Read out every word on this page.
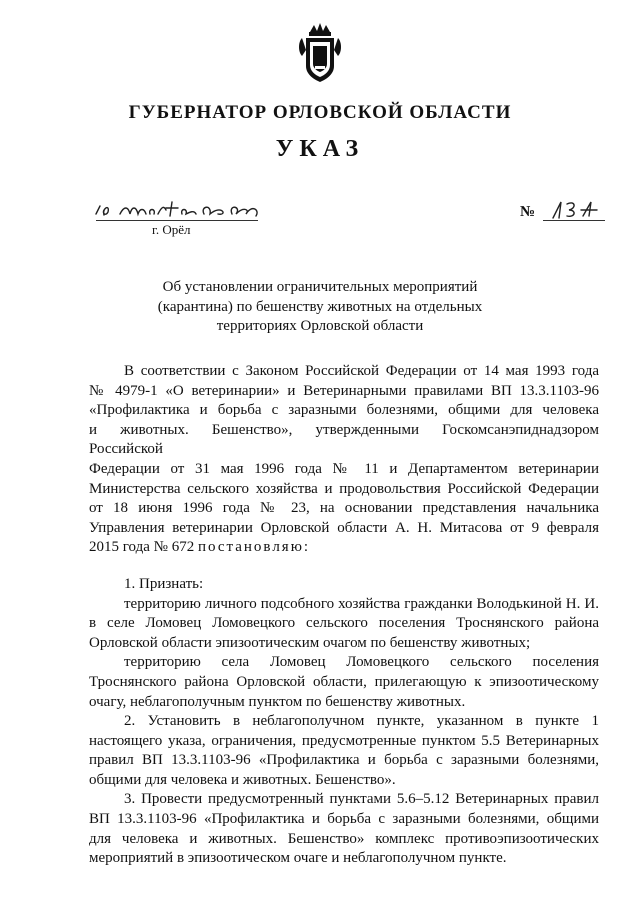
ГУБЕРНАТОР ОРЛОВСКОЙ ОБЛАСТИ
УКАЗ
г. Орёл
№
Об установлении ограничительных мероприятий
(карантина) по бешенству животных на отдельных
территориях Орловской области
В соответствии с Законом Российской Федерации от 14 мая 1993 года
№ 4979-1 «О ветеринарии» и Ветеринарными правилами ВП 13.3.1103-96
«Профилактика и борьба с заразными болезнями, общими для человека
и животных. Бешенство», утвержденными Госкомсанэпиднадзором Российской
Федерации от 31 мая 1996 года № 11 и Департаментом ветеринарии
Министерства сельского хозяйства и продовольствия Российской Федерации
от 18 июня 1996 года № 23, на основании представления начальника
Управления ветеринарии Орловской области А. Н. Митасова от 9 февраля
2015 года № 672 постановляю:
1. Признать:
территорию личного подсобного хозяйства гражданки Володькиной Н. И.
в селе Ломовец Ломовецкого сельского поселения Троснянского района
Орловской области эпизоотическим очагом по бешенству животных;
территорию села Ломовец Ломовецкого сельского поселения
Троснянского района Орловской области, прилегающую к эпизоотическому
очагу, неблагополучным пунктом по бешенству животных.
2. Установить в неблагополучном пункте, указанном в пункте 1
настоящего указа, ограничения, предусмотренные пунктом 5.5 Ветеринарных
правил ВП 13.3.1103-96 «Профилактика и борьба с заразными болезнями,
общими для человека и животных. Бешенство».
3. Провести предусмотренный пунктами 5.6–5.12 Ветеринарных правил
ВП 13.3.1103-96 «Профилактика и борьба с заразными болезнями, общими
для человека и животных. Бешенство» комплекс противоэпизоотических
мероприятий в эпизоотическом очаге и неблагополучном пункте.
